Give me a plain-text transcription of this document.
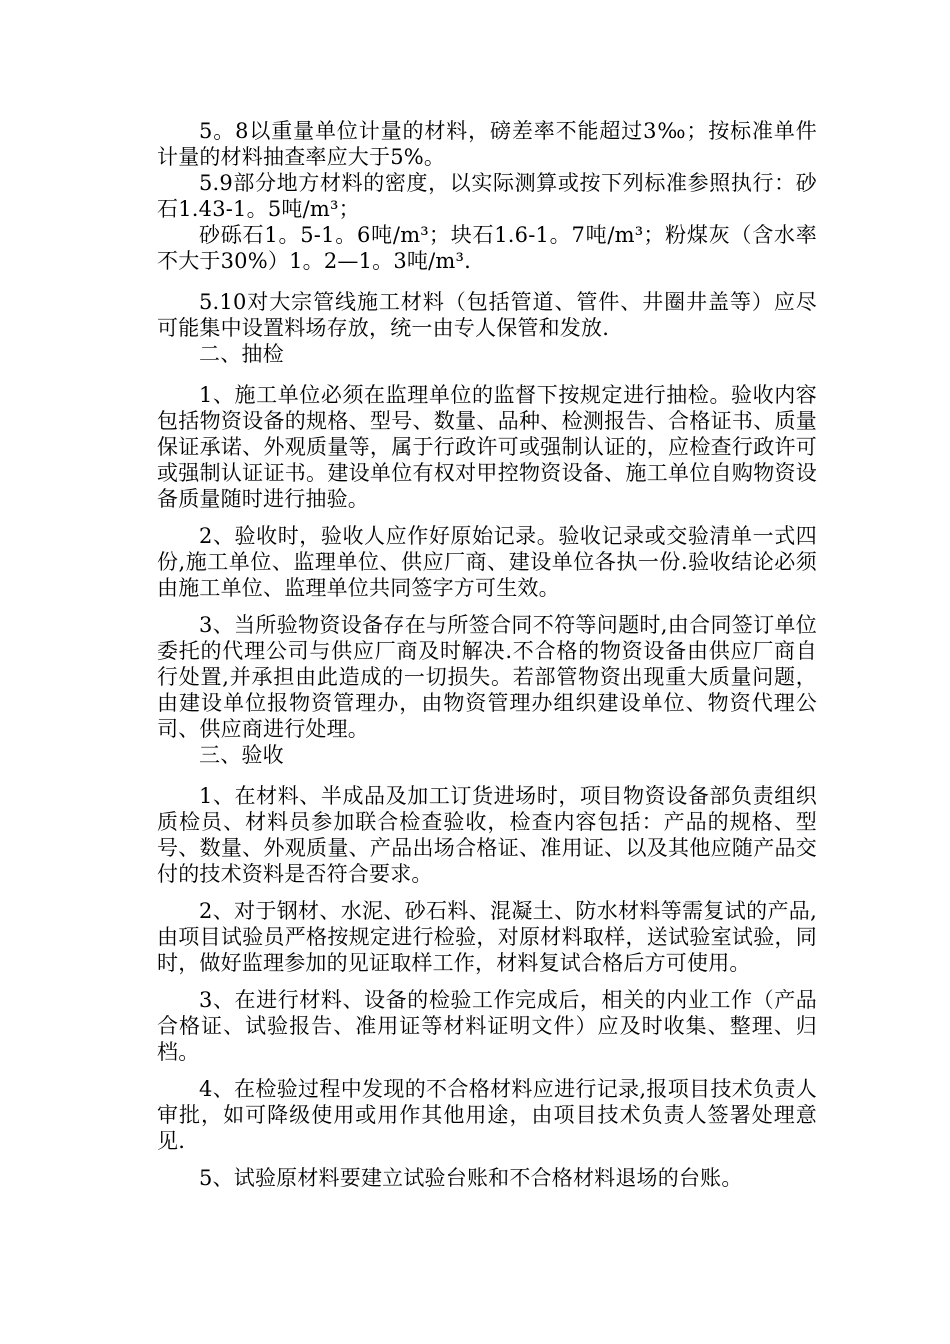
5。8以重量单位计量的材料，磅差率不能超过3‰；按标准单件计量的材料抽查率应大于5%。

5.9部分地方材料的密度，以实际测算或按下列标准参照执行：砂石1.43-1。5吨/m³；

砂砾石1。5-1。6吨/m³；块石1.6-1。7吨/m³；粉煤灰（含水率不大于30%）1。2—1。3吨/m³.

5.10对大宗管线施工材料（包括管道、管件、井圈井盖等）应尽可能集中设置料场存放，统一由专人保管和发放.

二、抽检

1、施工单位必须在监理单位的监督下按规定进行抽检。验收内容包括物资设备的规格、型号、数量、品种、检测报告、合格证书、质量保证承诺、外观质量等，属于行政许可或强制认证的，应检查行政许可或强制认证证书。建设单位有权对甲控物资设备、施工单位自购物资设备质量随时进行抽验。

2、验收时，验收人应作好原始记录。验收记录或交验清单一式四份,施工单位、监理单位、供应厂商、建设单位各执一份.验收结论必须由施工单位、监理单位共同签字方可生效。

3、当所验物资设备存在与所签合同不符等问题时,由合同签订单位委托的代理公司与供应厂商及时解决.不合格的物资设备由供应厂商自行处置,并承担由此造成的一切损失。若部管物资出现重大质量问题，由建设单位报物资管理办，由物资管理办组织建设单位、物资代理公司、供应商进行处理。

三、验收

1、在材料、半成品及加工订货进场时，项目物资设备部负责组织质检员、材料员参加联合检查验收，检查内容包括：产品的规格、型号、数量、外观质量、产品出场合格证、准用证、以及其他应随产品交付的技术资料是否符合要求。

2、对于钢材、水泥、砂石料、混凝土、防水材料等需复试的产品,由项目试验员严格按规定进行检验，对原材料取样，送试验室试验，同时，做好监理参加的见证取样工作，材料复试合格后方可使用。

3、在进行材料、设备的检验工作完成后，相关的内业工作（产品合格证、试验报告、准用证等材料证明文件）应及时收集、整理、归档。

4、在检验过程中发现的不合格材料应进行记录,报项目技术负责人审批，如可降级使用或用作其他用途，由项目技术负责人签署处理意见.

5、试验原材料要建立试验台账和不合格材料退场的台账。
